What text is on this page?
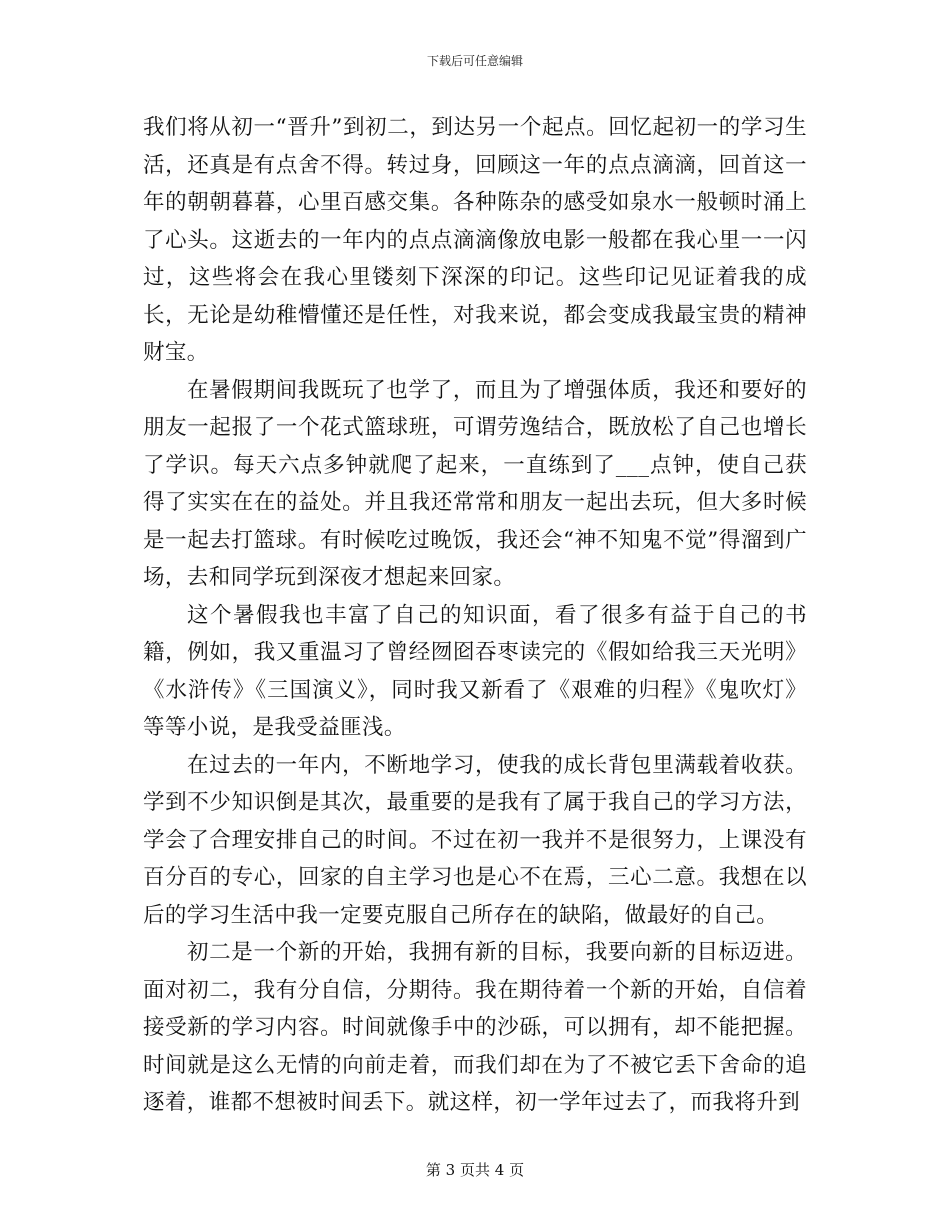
下载后可任意编辑

我们将从初一“晋升”到初二，到达另一个起点。回忆起初一的学习生活，还真是有点舍不得。转过身，回顾这一年的点点滴滴，回首这一年的朝朝暮暮，心里百感交集。各种陈杂的感受如泉水一般顿时涌上了心头。这逝去的一年内的点点滴滴像放电影一般都在我心里一一闪过，这些将会在我心里镂刻下深深的印记。这些印记见证着我的成长，无论是幼稚懵懂还是任性，对我来说，都会变成我最宝贵的精神财宝。

在暑假期间我既玩了也学了，而且为了增强体质，我还和要好的朋友一起报了一个花式篮球班，可谓劳逸结合，既放松了自己也增长了学识。每天六点多钟就爬了起来，一直练到了___点钟，使自己获得了实实在在的益处。并且我还常常和朋友一起出去玩，但大多时候是一起去打篮球。有时候吃过晚饭，我还会“神不知鬼不觉”得溜到广场，去和同学玩到深夜才想起来回家。

这个暑假我也丰富了自己的知识面，看了很多有益于自己的书籍，例如，我又重温习了曾经囫囵吞枣读完的《假如给我三天光明》《水浒传》《三国演义》，同时我又新看了《艰难的归程》《鬼吹灯》等等小说，是我受益匪浅。

在过去的一年内，不断地学习，使我的成长背包里满载着收获。学到不少知识倒是其次，最重要的是我有了属于我自己的学习方法，学会了合理安排自己的时间。不过在初一我并不是很努力，上课没有百分百的专心，回家的自主学习也是心不在焉，三心二意。我想在以后的学习生活中我一定要克服自己所存在的缺陷，做最好的自己。

初二是一个新的开始，我拥有新的目标，我要向新的目标迈进。面对初二，我有分自信，分期待。我在期待着一个新的开始，自信着接受新的学习内容。时间就像手中的沙砾，可以拥有，却不能把握。时间就是这么无情的向前走着，而我们却在为了不被它丢下舍命的追逐着，谁都不想被时间丢下。就这样，初一学年过去了，而我将升到

第 3 页共 4 页
